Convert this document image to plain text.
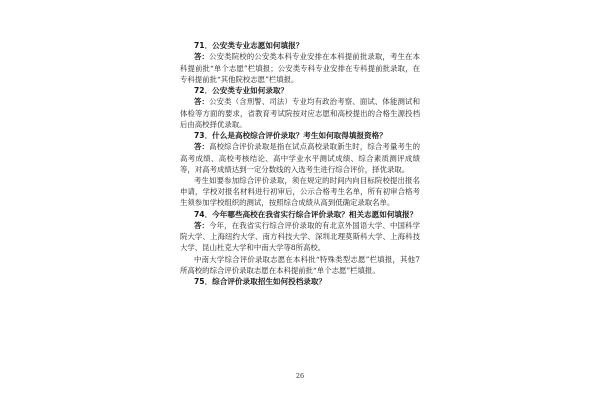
71．公安类专业志愿如何填报？

答：公安类院校的公安类本科专业安排在本科提前批录取，考生在本科提前批“单个志愿”栏填报；公安类专科专业安排在专科提前批录取，在专科提前批“其他院校志愿”栏填报。

72．公安类专业如何录取？

答：公安类（含刑警、司法）专业均有政治考察、面试、体能测试和体检等方面的要求，省教育考试院按对应志愿和高校提出的合格生源投档后由高校择优录取。

73．什么是高校综合评价录取？考生如何取得填报资格？

答：高校综合评价录取是指在试点高校录取新生时，综合考量考生的高考成绩、高校考核结论、高中学业水平测试成绩、综合素质测评成绩等，对高考成绩达到一定分数线的入选考生进行综合评价，择优录取。

考生如要参加综合评价录取，须在规定的时间内向目标院校提出报名申请，学校对报名材料进行初审后，公示合格考生名单，所有初审合格考生须参加学校组织的测试，按照综合成绩从高到低确定录取名单。

74．今年哪些高校在我省实行综合评价录取？相关志愿如何填报？

答：今年，在我省实行综合评价录取的有北京外国语大学、中国科学院大学、上海纽约大学、南方科技大学、深圳北理莫斯科大学、上海科技大学、昆山杜克大学和中南大学等8所高校。

中南大学综合评价录取志愿在本科批“特殊类型志愿”栏填报，其他7所高校的综合评价录取志愿在本科提前批“单个志愿”栏填报。

75．综合评价录取招生如何投档录取？

26
